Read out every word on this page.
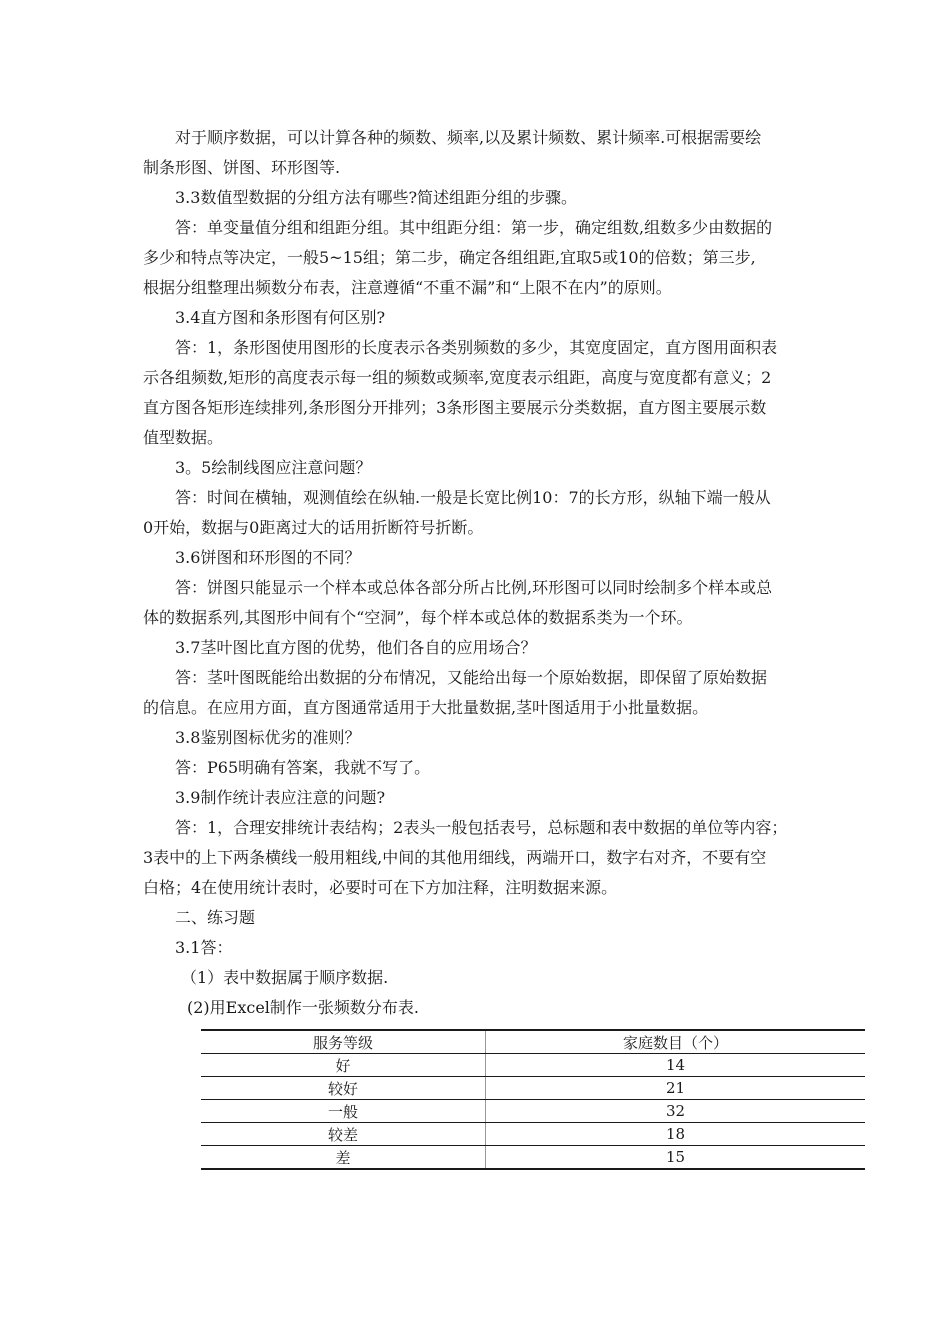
对于顺序数据，可以计算各种的频数、频率,以及累计频数、累计频率.可根据需要绘
制条形图、饼图、环形图等.
3.3数值型数据的分组方法有哪些?简述组距分组的步骤。
答：单变量值分组和组距分组。其中组距分组：第一步，确定组数,组数多少由数据的
多少和特点等决定，一般5~15组；第二步，确定各组组距,宜取5或10的倍数；第三步,
根据分组整理出频数分布表，注意遵循“不重不漏”和“上限不在内”的原则。
3.4直方图和条形图有何区别?
答：1，条形图使用图形的长度表示各类别频数的多少，其宽度固定，直方图用面积表
示各组频数,矩形的高度表示每一组的频数或频率,宽度表示组距，高度与宽度都有意义；2
直方图各矩形连续排列,条形图分开排列；3条形图主要展示分类数据，直方图主要展示数
值型数据。
3。5绘制线图应注意问题？
答：时间在横轴，观测值绘在纵轴.一般是长宽比例10：7的长方形，纵轴下端一般从
0开始，数据与0距离过大的话用折断符号折断。
3.6饼图和环形图的不同？
答：饼图只能显示一个样本或总体各部分所占比例,环形图可以同时绘制多个样本或总
体的数据系列,其图形中间有个“空洞”，每个样本或总体的数据系类为一个环。
3.7茎叶图比直方图的优势，他们各自的应用场合？
答：茎叶图既能给出数据的分布情况，又能给出每一个原始数据，即保留了原始数据
的信息。在应用方面，直方图通常适用于大批量数据,茎叶图适用于小批量数据。
3.8鉴别图标优劣的准则？
答：P65明确有答案，我就不写了。
3.9制作统计表应注意的问题?
答：1，合理安排统计表结构；2表头一般包括表号，总标题和表中数据的单位等内容；
3表中的上下两条横线一般用粗线,中间的其他用细线，两端开口，数字右对齐，不要有空
白格；4在使用统计表时，必要时可在下方加注释，注明数据来源。
二、练习题
3.1答：
（1）表中数据属于顺序数据.
(2)用Excel制作一张频数分布表.
服务等级	家庭数目（个）
好	14
较好	21
一般	32
较差	18
差	15
